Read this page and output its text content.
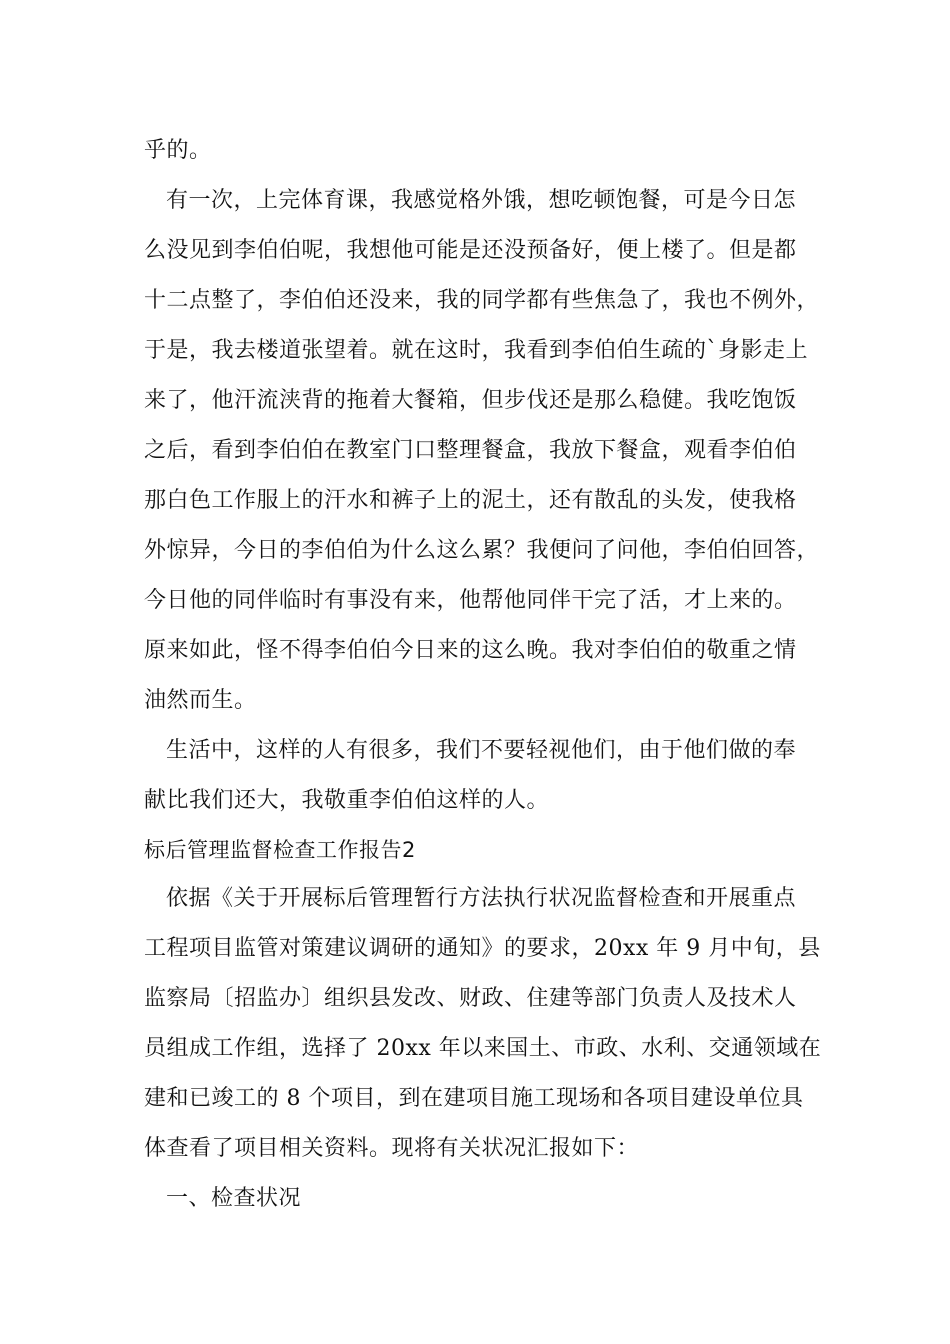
乎的。
有一次，上完体育课，我感觉格外饿，想吃顿饱餐，可是今日怎
么没见到李伯伯呢，我想他可能是还没预备好，便上楼了。但是都
十二点整了，李伯伯还没来，我的同学都有些焦急了，我也不例外，
于是，我去楼道张望着。就在这时，我看到李伯伯生疏的`身影走上
来了，他汗流浃背的拖着大餐箱，但步伐还是那么稳健。我吃饱饭
之后，看到李伯伯在教室门口整理餐盒，我放下餐盒，观看李伯伯
那白色工作服上的汗水和裤子上的泥土，还有散乱的头发，使我格
外惊异，今日的李伯伯为什么这么累？我便问了问他，李伯伯回答，
今日他的同伴临时有事没有来，他帮他同伴干完了活，才上来的。
原来如此，怪不得李伯伯今日来的这么晚。我对李伯伯的敬重之情
油然而生。
生活中，这样的人有很多，我们不要轻视他们，由于他们做的奉
献比我们还大，我敬重李伯伯这样的人。
标后管理监督检查工作报告2
依据《关于开展标后管理暂行方法执行状况监督检查和开展重点
工程项目监管对策建议调研的通知》的要求，20xx 年 9 月中旬，县
监察局〔招监办〕组织县发改、财政、住建等部门负责人及技术人
员组成工作组，选择了 20xx 年以来国土、市政、水利、交通领域在
建和已竣工的 8 个项目，到在建项目施工现场和各项目建设单位具
体查看了项目相关资料。现将有关状况汇报如下：
一、检查状况
